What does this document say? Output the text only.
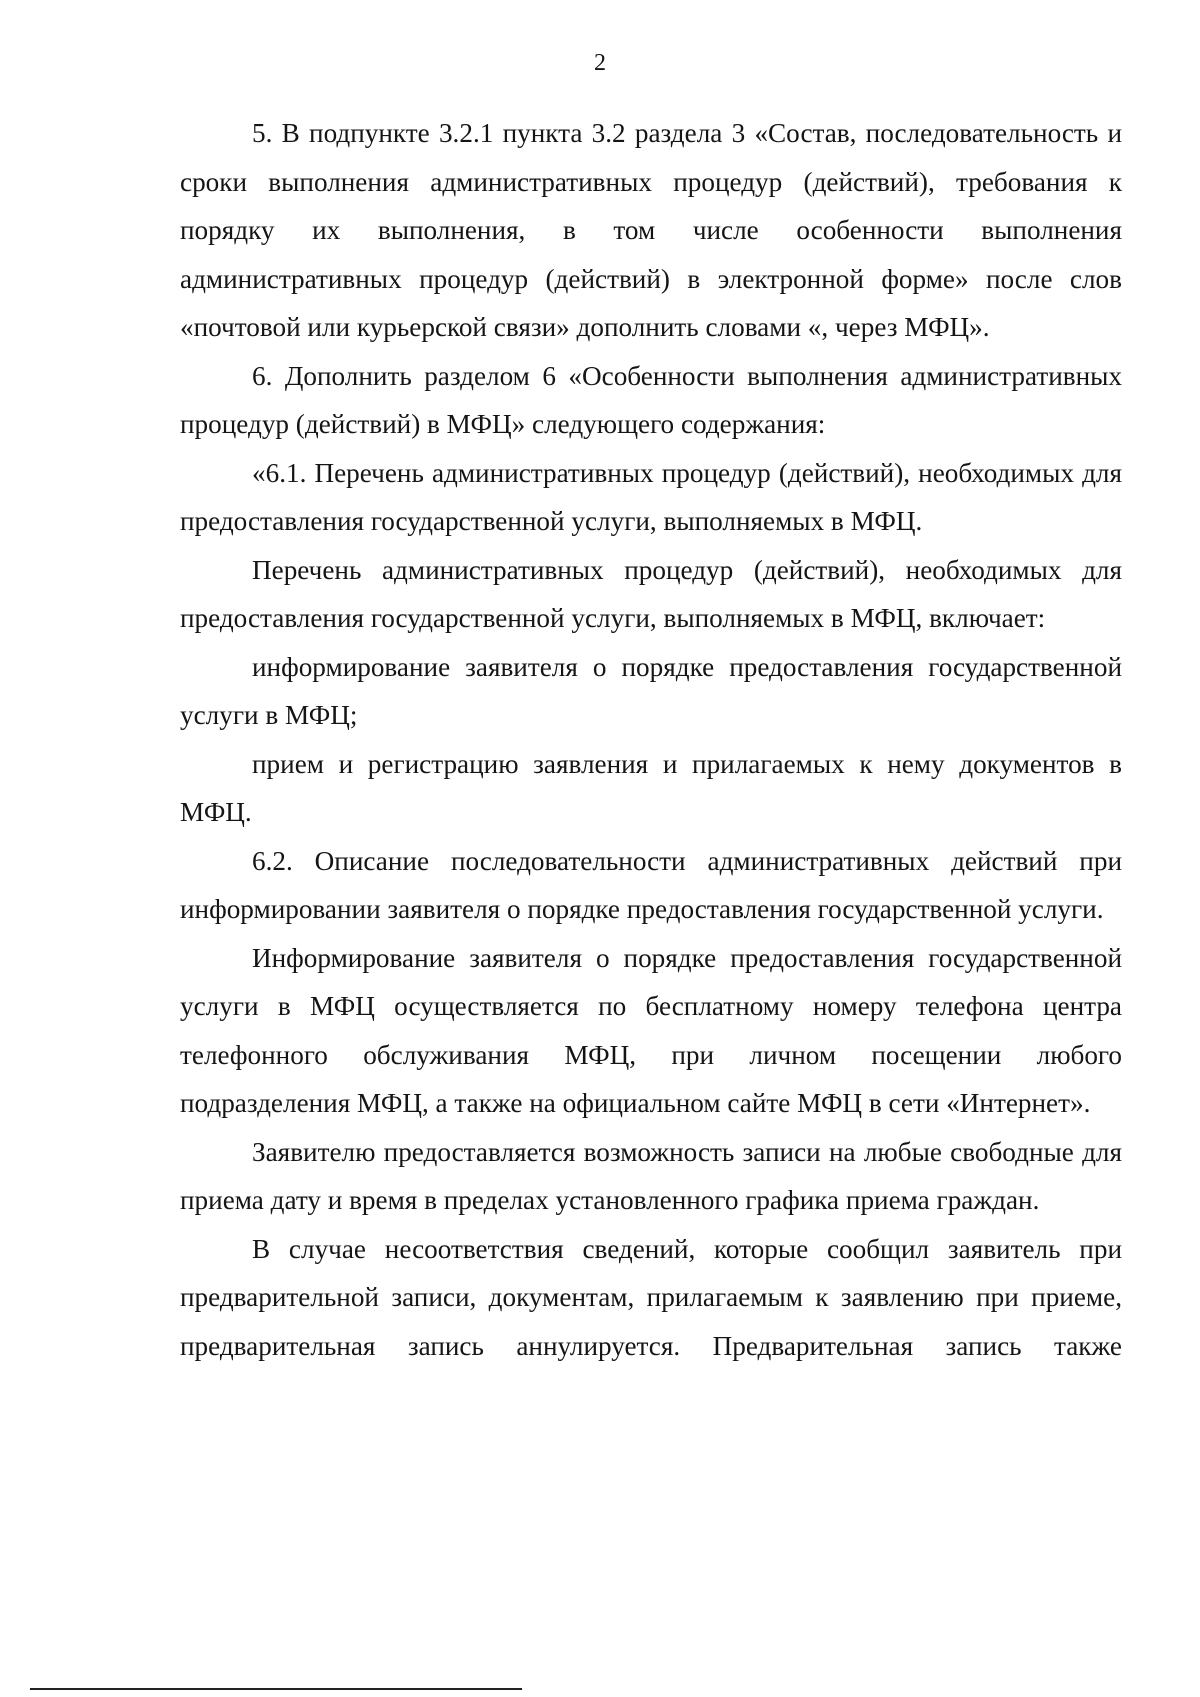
2

5. В подпункте 3.2.1 пункта 3.2 раздела 3 «Состав, последовательность и сроки выполнения административных процедур (действий), требования к порядку их выполнения, в том числе особенности выполнения административных процедур (действий) в электронной форме» после слов «почтовой или курьерской связи» дополнить словами «, через МФЦ».

6. Дополнить разделом 6 «Особенности выполнения административных процедур (действий) в МФЦ» следующего содержания:

«6.1. Перечень административных процедур (действий), необходимых для предоставления государственной услуги, выполняемых в МФЦ.

Перечень административных процедур (действий), необходимых для предоставления государственной услуги, выполняемых в МФЦ, включает:

информирование заявителя о порядке предоставления государственной услуги в МФЦ;

прием и регистрацию заявления и прилагаемых к нему документов в МФЦ.

6.2. Описание последовательности административных действий при информировании заявителя о порядке предоставления государственной услуги.

Информирование заявителя о порядке предоставления государственной услуги в МФЦ осуществляется по бесплатному номеру телефона центра телефонного обслуживания МФЦ, при личном посещении любого подразделения МФЦ, а также на официальном сайте МФЦ в сети «Интернет».

Заявителю предоставляется возможность записи на любые свободные для приема дату и время в пределах установленного графика приема граждан.

В случае несоответствия сведений, которые сообщил заявитель при предварительной записи, документам, прилагаемым к заявлению при приеме, предварительная запись аннулируется. Предварительная запись также
